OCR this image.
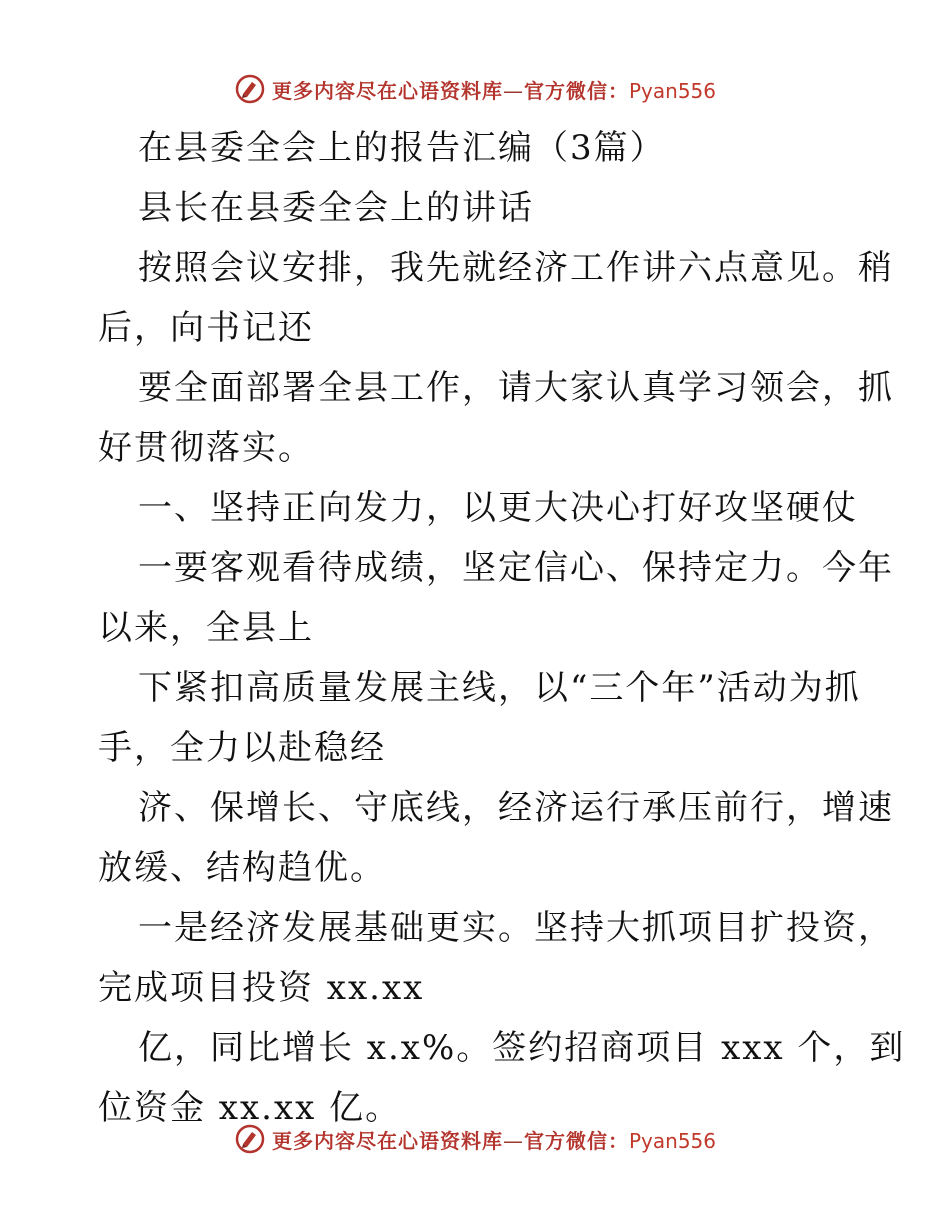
更多内容尽在心语资料库—官方微信：Pyan556
在县委全会上的报告汇编（3篇）
县长在县委全会上的讲话
按照会议安排，我先就经济工作讲六点意见。稍
后，向书记还
要全面部署全县工作，请大家认真学习领会，抓
好贯彻落实。
一、坚持正向发力，以更大决心打好攻坚硬仗
一要客观看待成绩，坚定信心、保持定力。今年
以来，全县上
下紧扣高质量发展主线，以“三个年”活动为抓
手，全力以赴稳经
济、保增长、守底线，经济运行承压前行，增速
放缓、结构趋优。
一是经济发展基础更实。坚持大抓项目扩投资，
完成项目投资 xx.xx
亿，同比增长 x.x%。签约招商项目 xxx 个，到
位资金 xx.xx 亿。
更多内容尽在心语资料库—官方微信：Pyan556
